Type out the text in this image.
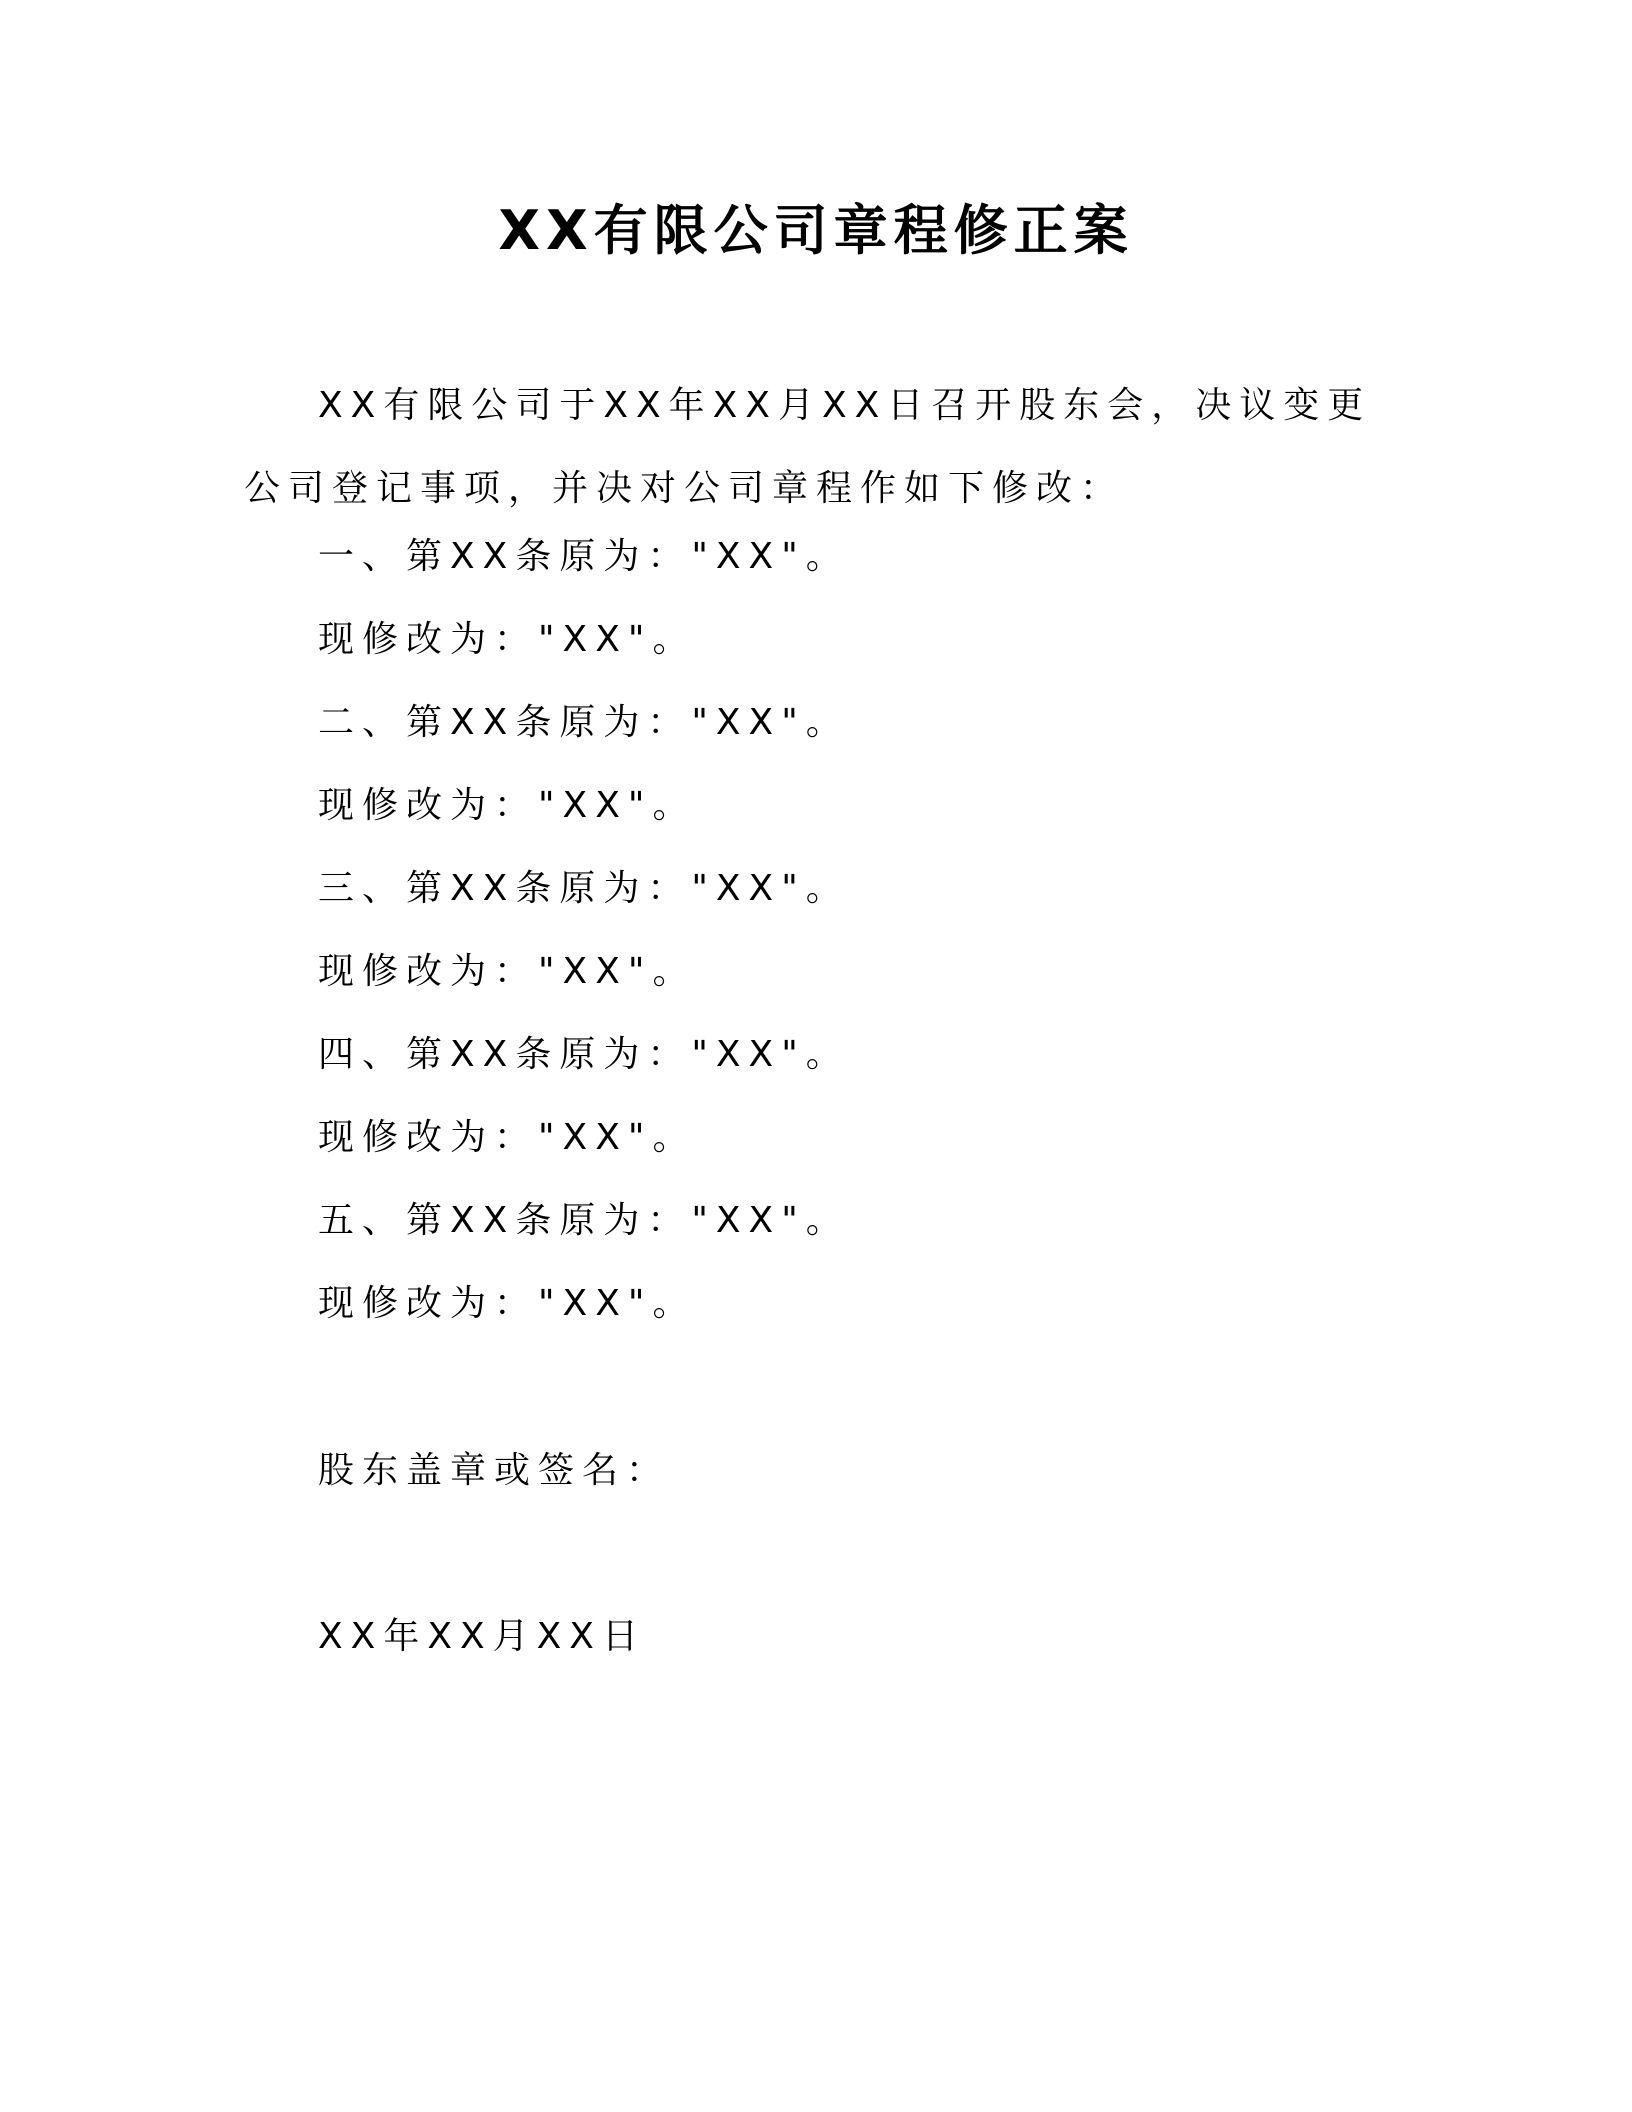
XX有限公司章程修正案
XX有限公司于XX年XX月XX日召开股东会，决议变更公司登记事项，并决对公司章程作如下修改：
一、第XX条原为："XX"。
现修改为："XX"。
二、第XX条原为："XX"。
现修改为："XX"。
三、第XX条原为："XX"。
现修改为："XX"。
四、第XX条原为："XX"。
现修改为："XX"。
五、第XX条原为："XX"。
现修改为："XX"。
股东盖章或签名：
XX年XX月XX日
